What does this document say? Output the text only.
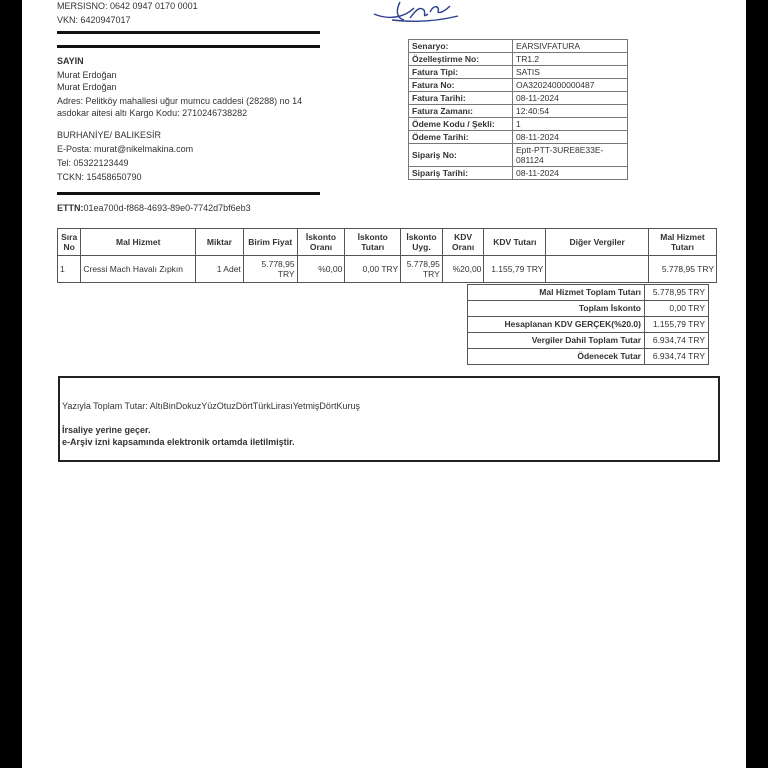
MERSISNO: 0642 0947 0170 0001
VKN: 6420947017
SAYIN
Murat Erdoğan
Murat Erdoğan
Adres: Pelitköy mahallesi uğur mumcu caddesi (28288) no 14
asdokar aitesi altı Kargo Kodu: 2710246738282
BURHANİYE/ BALIKESİR
E-Posta: murat@nikelmakina.com
Tel: 05322123449
TCKN: 15458650790
ETTN:01ea700d-f868-4693-89e0-7742d7bf6eb3
Senaryo:	EARSIVFATURA
Özelleştirme No:	TR1.2
Fatura Tipi:	SATIS
Fatura No:	OA32024000000487
Fatura Tarihi:	08-11-2024
Fatura Zamanı:	12:40:54
Ödeme Kodu / Şekli:	1
Ödeme Tarihi:	08-11-2024
Sipariş No:	Eptt-PTT-3URE8E33E-081124
Sipariş Tarihi:	08-11-2024
Sıra No	Mal Hizmet	Miktar	Birim Fiyat	İskonto Oranı	İskonto Tutarı	İskonto Uyg.	KDV Oranı	KDV Tutarı	Diğer Vergiler	Mal Hizmet Tutarı
1	Cressi Mach Havalı Zıpkın	1 Adet	5.778,95 TRY	%0,00	0,00 TRY	5.778,95 TRY	%20,00	1.155,79 TRY		5.778,95 TRY
Mal Hizmet Toplam Tutarı	5.778,95 TRY
Toplam İskonto	0,00 TRY
Hesaplanan KDV GERÇEK(%20.0)	1.155,79 TRY
Vergiler Dahil Toplam Tutar	6.934,74 TRY
Ödenecek Tutar	6.934,74 TRY
Yazıyla Toplam Tutar: AltıBinDokuzYüzOtuzDörtTürkLirasıYetmişDörtKuruş
İrsaliye yerine geçer.
e-Arşiv izni kapsamında elektronik ortamda iletilmiştir.
